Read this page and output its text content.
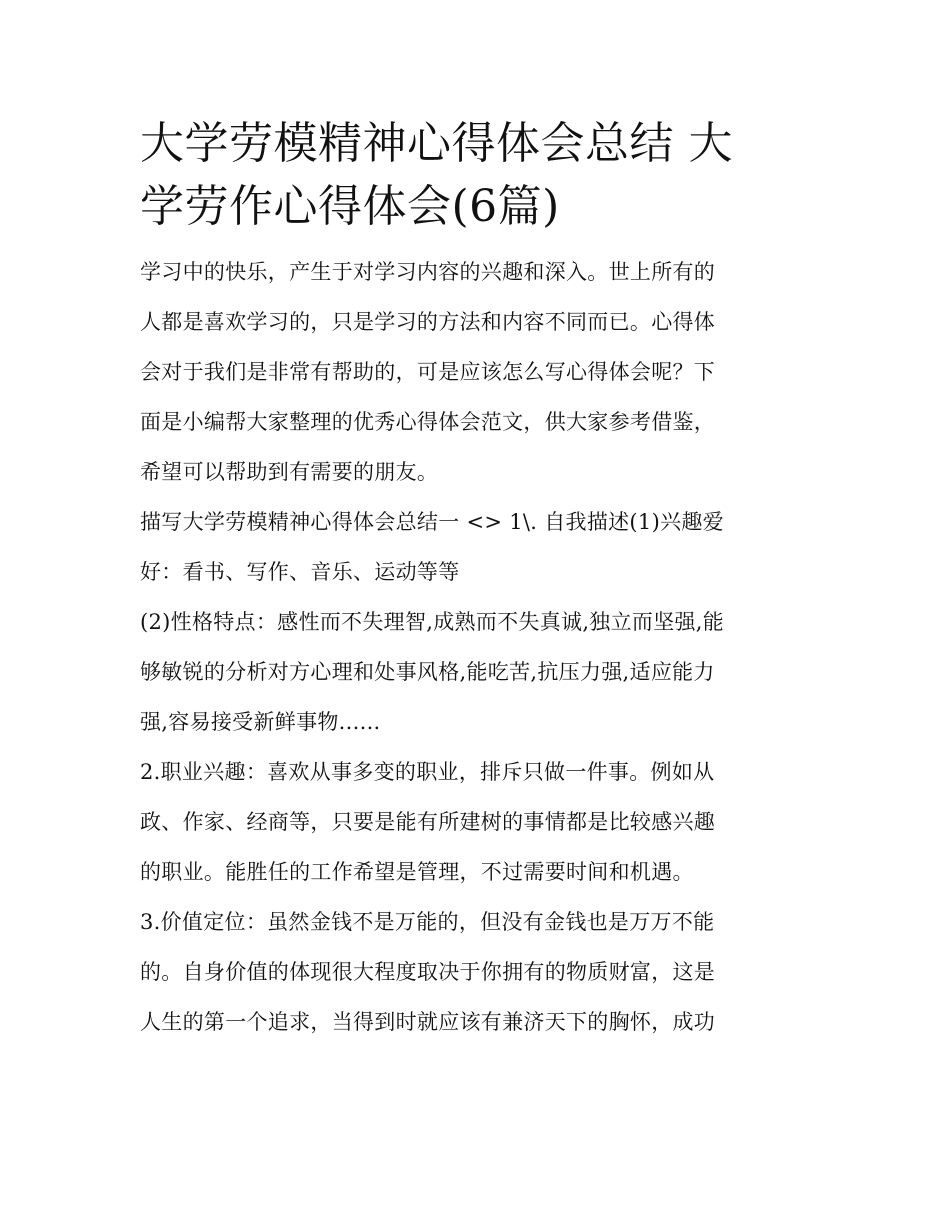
大学劳模精神心得体会总结 大
学劳作心得体会(6篇)

学习中的快乐，产生于对学习内容的兴趣和深入。世上所有的
人都是喜欢学习的，只是学习的方法和内容不同而已。心得体
会对于我们是非常有帮助的，可是应该怎么写心得体会呢？下
面是小编帮大家整理的优秀心得体会范文，供大家参考借鉴，
希望可以帮助到有需要的朋友。

描写大学劳模精神心得体会总结一 <> 1\. 自我描述(1)兴趣爱
好：看书、写作、音乐、运动等等

(2)性格特点：感性而不失理智,成熟而不失真诚,独立而坚强,能
够敏锐的分析对方心理和处事风格,能吃苦,抗压力强,适应能力
强,容易接受新鲜事物......

2.职业兴趣：喜欢从事多变的职业，排斥只做一件事。例如从
政、作家、经商等，只要是能有所建树的事情都是比较感兴趣
的职业。能胜任的工作希望是管理，不过需要时间和机遇。

3.价值定位：虽然金钱不是万能的，但没有金钱也是万万不能
的。自身价值的体现很大程度取决于你拥有的物质财富，这是
人生的第一个追求，当得到时就应该有兼济天下的胸怀，成功
